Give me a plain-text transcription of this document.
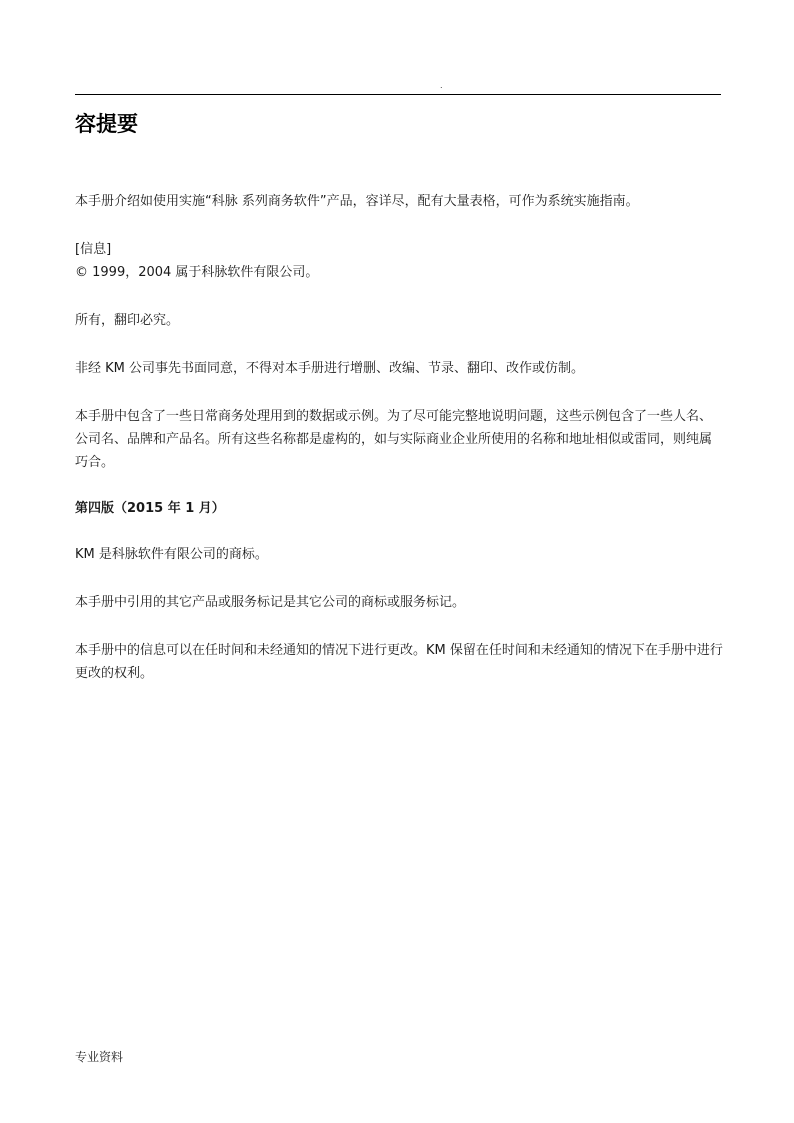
.
容提要

本手册介绍如使用实施“科脉 系列商务软件”产品，容详尽，配有大量表格，可作为系统实施指南。

[信息]

© 1999，2004 属于科脉软件有限公司。

所有，翻印必究。

非经 KM 公司事先书面同意，不得对本手册进行增删、改编、节录、翻印、改作或仿制。

本手册中包含了一些日常商务处理用到的数据或示例。为了尽可能完整地说明问题，这些示例包含了一些人名、公司名、品牌和产品名。所有这些名称都是虚构的，如与实际商业企业所使用的名称和地址相似或雷同，则纯属巧合。

第四版（2015 年 1 月）

KM 是科脉软件有限公司的商标。

本手册中引用的其它产品或服务标记是其它公司的商标或服务标记。

本手册中的信息可以在任时间和未经通知的情况下进行更改。KM 保留在任时间和未经通知的情况下在手册中进行更改的权利。

专业资料
